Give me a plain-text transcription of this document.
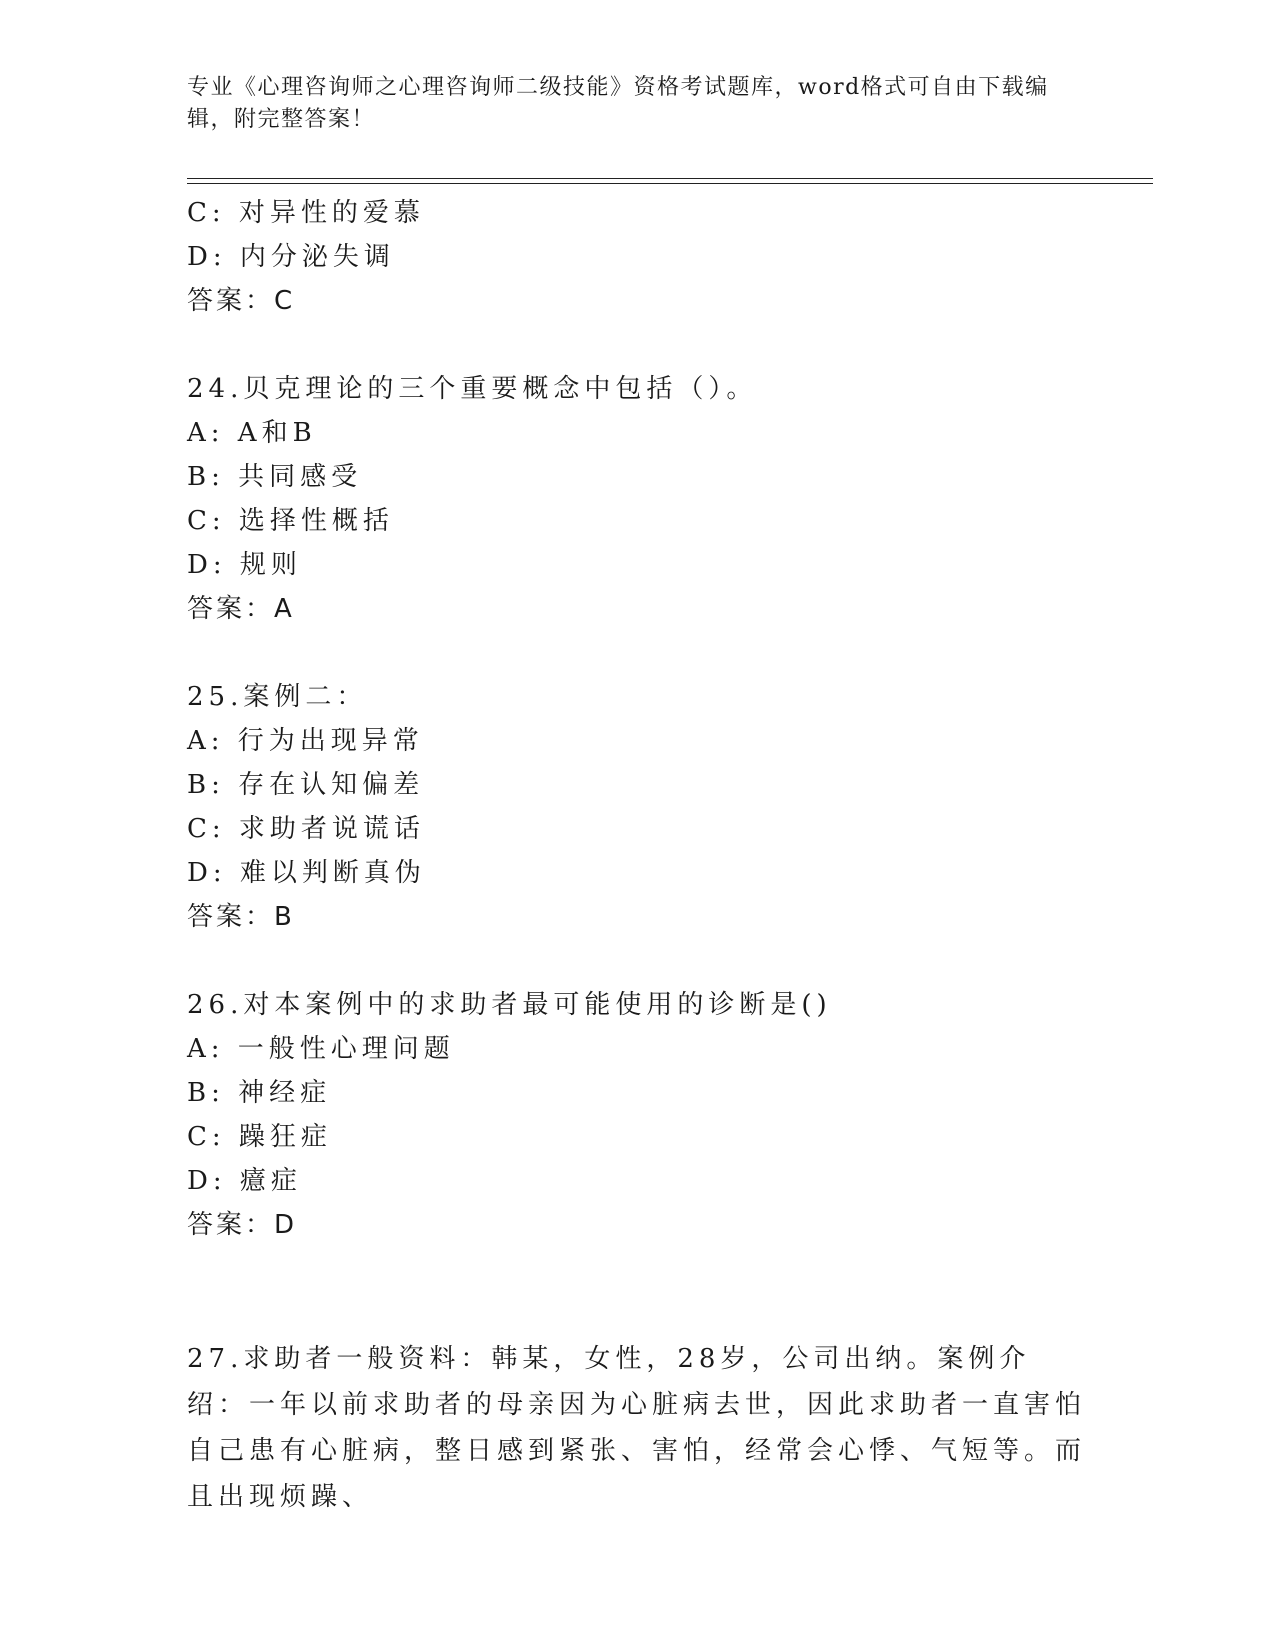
专业《心理咨询师之心理咨询师二级技能》资格考试题库，word格式可自由下载编辑，附完整答案！
C: 对异性的爱慕
D: 内分泌失调
答案：C
24.贝克理论的三个重要概念中包括（）。
A: A和B
B: 共同感受
C: 选择性概括
D: 规则
答案：A
25.案例二：
A: 行为出现异常
B: 存在认知偏差
C: 求助者说谎话
D: 难以判断真伪
答案：B
26.对本案例中的求助者最可能使用的诊断是()
A: 一般性心理问题
B: 神经症
C: 躁狂症
D: 癔症
答案：D
27.求助者一般资料：韩某，女性，28岁，公司出纳。案例介绍：一年以前求助者的母亲因为心脏病去世，因此求助者一直害怕自己患有心脏病，整日感到紧张、害怕，经常会心悸、气短等。而且出现烦躁、
